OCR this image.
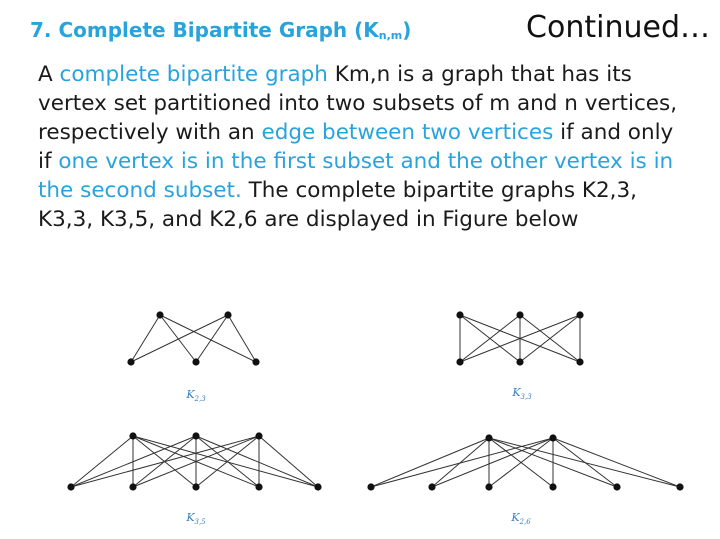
7. Complete Bipartite Graph $(K_{n,m})$	Continued…
A complete bipartite graph Km,n is a graph that has its vertex set partitioned into two subsets of m and n vertices, respectively with an edge between two vertices if and only if one vertex is in the first subset and the other vertex is in the second subset. The complete bipartite graphs K2,3, K3,3, K3,5, and K2,6 are displayed in Figure below
$K_{2,3}$	$K_{3,3}$
$K_{3,5}$	$K_{2,6}$
